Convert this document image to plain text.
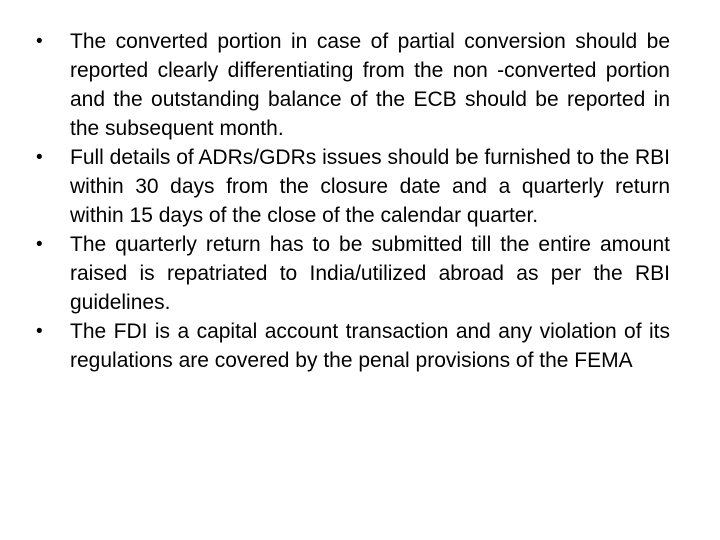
•	The converted portion in case of partial conversion should be reported clearly differentiating from the non -converted portion and the outstanding balance of the ECB should be reported in the subsequent month.
•	Full details of ADRs/GDRs issues should be furnished to the RBI within 30 days from the closure date and a quarterly return within 15 days of the close of the calendar quarter.
•	The quarterly return has to be submitted till the entire amount raised is repatriated to India/utilized abroad as per the RBI guidelines.
•	The FDI is a capital account transaction and any violation of its regulations are covered by the penal provisions of the FEMA
